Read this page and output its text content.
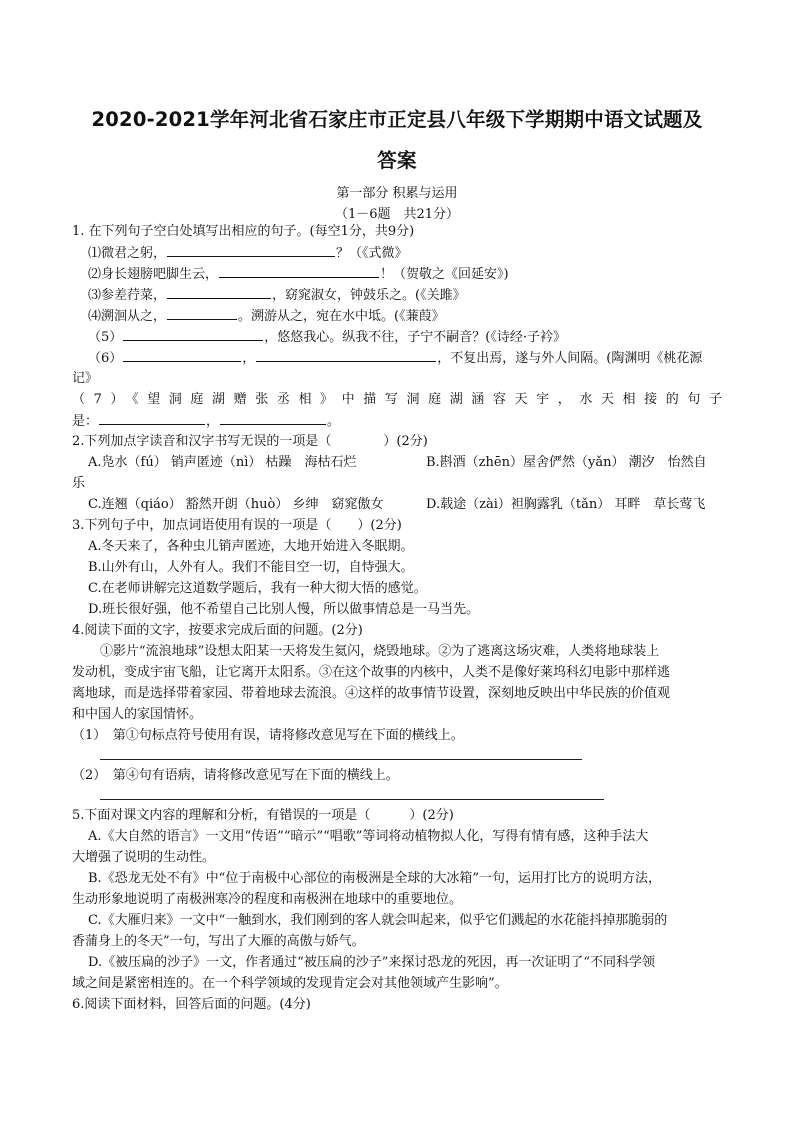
2020-2021学年河北省石家庄市正定县八年级下学期期中语文试题及
答案
第一部分 积累与运用
（1－6题　共21分）
1. 在下列句子空白处填写出相应的句子。(每空1分，共9分)
⑴微君之躬，	？（《式微》
⑵身长翅膀吧脚生云，	！（贺敬之《回延安》)
⑶参差荇菜，	，窈窕淑女，钟鼓乐之。(《关雎》
⑷溯洄从之，	。溯游从之，宛在水中坻。(《蒹葭》
（5）	，悠悠我心。纵我不往，子宁不嗣音？(《诗经·子衿》
（6）	，	，不复出焉，遂与外人间隔。(陶渊明《桃花源
记》
（7）《望洞庭湖赠张丞相》中描写洞庭湖涵容天宇，水天相接的句子
是：	，	。
2.下列加点字读音和汉字书写无误的一项是（　　　　）(2分)
A.凫水（fú） 销声匿迹（nì） 枯躁　海枯石烂	B.斟酒（zhēn）屋舍俨然（yǎn） 潮汐　怡然自
乐
C.连翘（qiáo） 豁然开朗（huò） 乡绅　窈窕傲女	D.载途（zài）袒胸露乳（tǎn） 耳畔　草长莺飞
3.下列句子中，加点词语使用有误的一项是（　　）(2分)
A.冬天来了，各种虫儿销声匿迹，大地开始进入冬眠期。
B.山外有山，人外有人。我们不能目空一切，自恃强大。
C.在老师讲解完这道数学题后，我有一种大彻大悟的感觉。
D.班长很好强，他不希望自己比别人慢，所以做事情总是一马当先。
4.阅读下面的文字，按要求完成后面的问题。(2分)
①影片“流浪地球”设想太阳某一天将发生氦闪，烧毁地球。②为了逃离这场灾难，人类将地球装上
发动机，变成宇宙飞船，让它离开太阳系。③在这个故事的内核中，人类不是像好莱坞科幻电影中那样逃
离地球，而是选择带着家园、带着地球去流浪。④这样的故事情节设置，深刻地反映出中华民族的价值观
和中国人的家国情怀。
（1）　第①句标点符号使用有误，请将修改意见写在下面的横线上。
（2）　第④句有语病，请将修改意见写在下面的横线上。
5.下面对课文内容的理解和分析，有错误的一项是（　　　）(2分)
A.《大自然的语言》一文用“传语”“暗示”“唱歌”等词将动植物拟人化，写得有情有感，这种手法大
大增强了说明的生动性。
B.《恐龙无处不有》中“位于南极中心部位的南极洲是全球的大冰箱”一句，运用打比方的说明方法，
生动形象地说明了南极洲寒冷的程度和南极洲在地球中的重要地位。
C.《大雁归来》一文中“一触到水，我们刚到的客人就会叫起来，似乎它们溅起的水花能抖掉那脆弱的
香蒲身上的冬天”一句，写出了大雁的高傲与娇气。
D.《被压扁的沙子》一文，作者通过“被压扁的沙子”来探讨恐龙的死因，再一次证明了“不同科学领
域之间是紧密相连的。在一个科学领域的发现肯定会对其他领域产生影响”。
6.阅读下面材料，回答后面的问题。(4分)
